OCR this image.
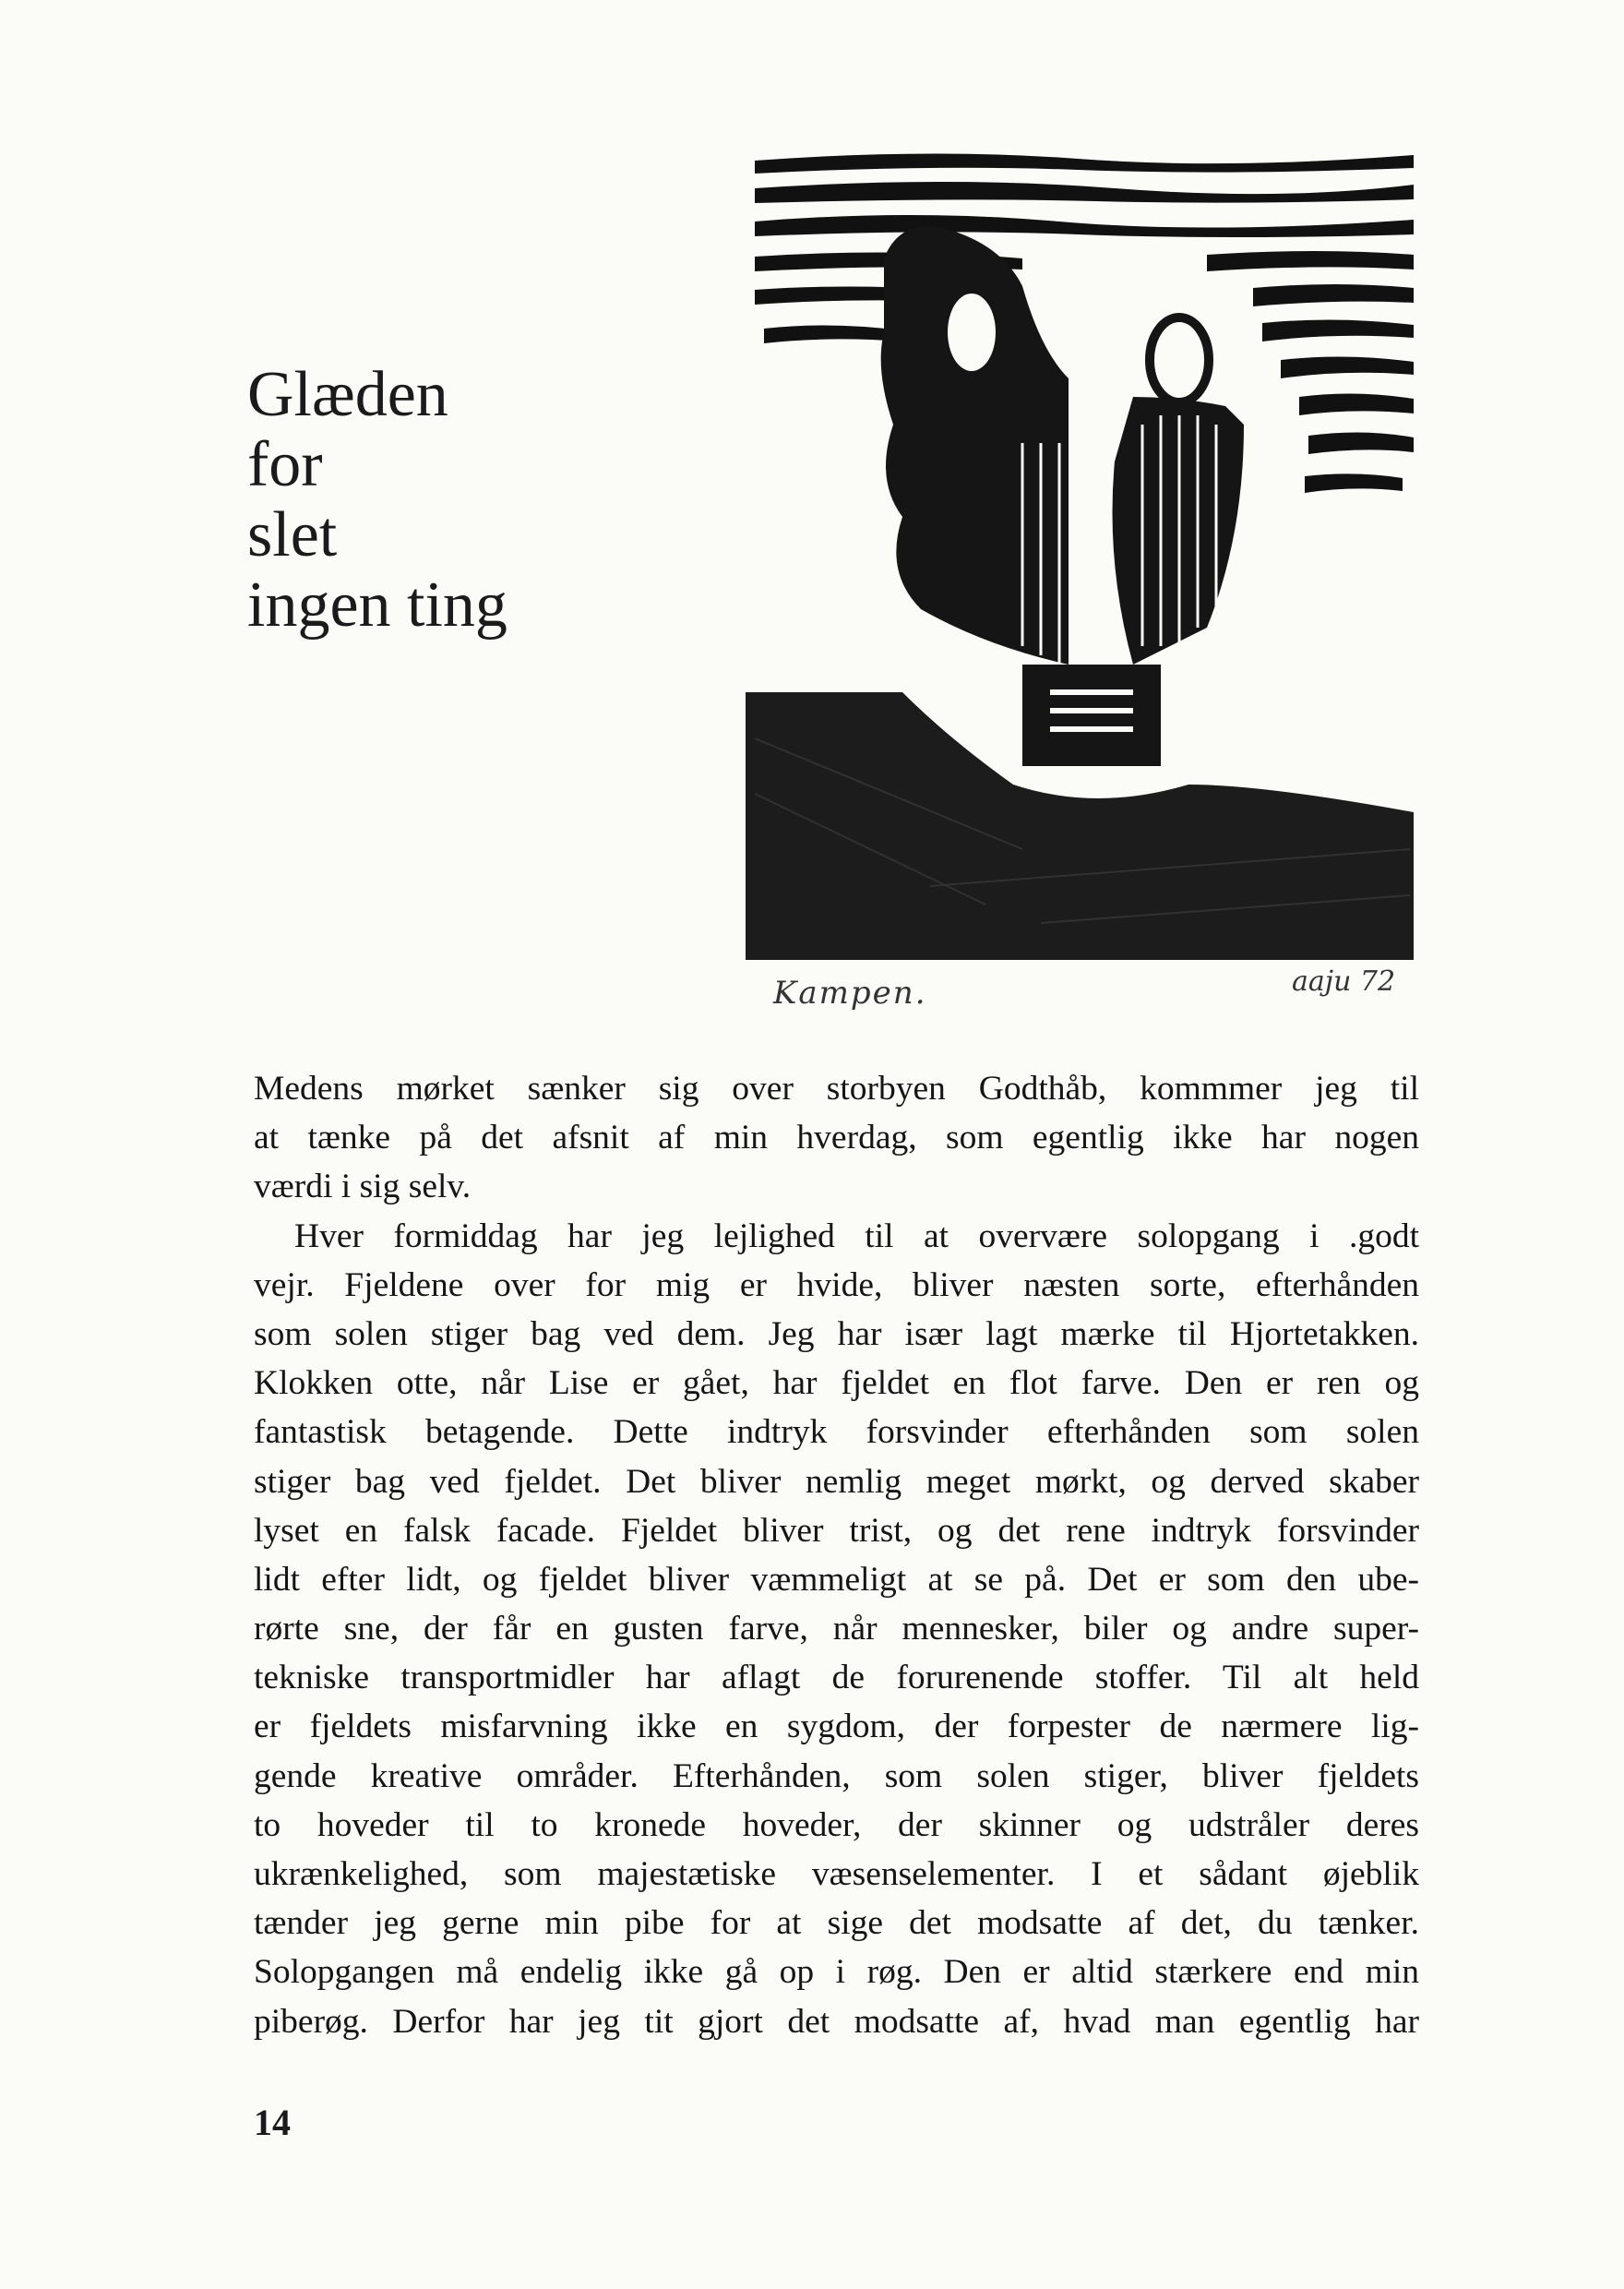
Glæden
for
slet
ingen ting
Kampen.	aaju 72
Medens mørket sænker sig over storbyen Godthåb, kommmer jeg til
at tænke på det afsnit af min hverdag, som egentlig ikke har nogen
værdi i sig selv.
Hver formiddag har jeg lejlighed til at overvære solopgang i .godt
vejr. Fjeldene over for mig er hvide, bliver næsten sorte, efterhånden
som solen stiger bag ved dem. Jeg har især lagt mærke til Hjortetakken.
Klokken otte, når Lise er gået, har fjeldet en flot farve. Den er ren og
fantastisk betagende. Dette indtryk forsvinder efterhånden som solen
stiger bag ved fjeldet. Det bliver nemlig meget mørkt, og derved skaber
lyset en falsk facade. Fjeldet bliver trist, og det rene indtryk forsvinder
lidt efter lidt, og fjeldet bliver væmmeligt at se på. Det er som den ube-
rørte sne, der får en gusten farve, når mennesker, biler og andre super-
tekniske transportmidler har aflagt de forurenende stoffer. Til alt held
er fjeldets misfarvning ikke en sygdom, der forpester de nærmere lig-
gende kreative områder. Efterhånden, som solen stiger, bliver fjeldets
to hoveder til to kronede hoveder, der skinner og udstråler deres
ukrænkelighed, som majestætiske væsenselementer. I et sådant øjeblik
tænder jeg gerne min pibe for at sige det modsatte af det, du tænker.
Solopgangen må endelig ikke gå op i røg. Den er altid stærkere end min
piberøg. Derfor har jeg tit gjort det modsatte af, hvad man egentlig har
14
